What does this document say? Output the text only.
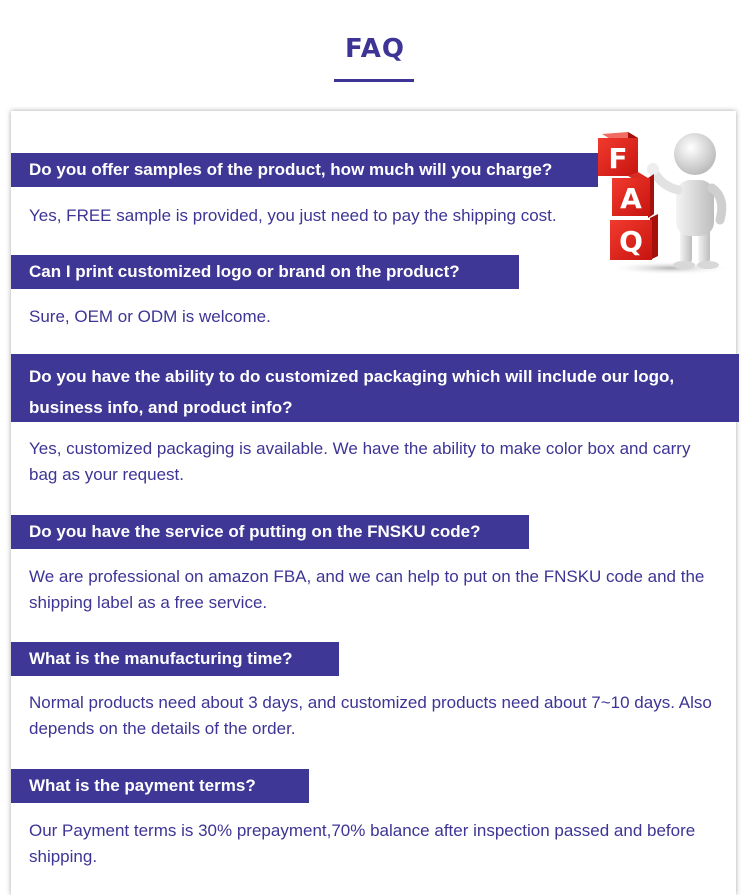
FAQ
Do you offer samples of the product, how much will you charge?
Yes, FREE sample is provided, you just need to pay the shipping cost.
Can I print customized logo or brand on the product?
Sure, OEM or ODM is welcome.
Do you have the ability to do customized packaging which will include our logo, business info, and product info?
Yes, customized packaging is available. We have the ability to make color box and carry bag as your request.
Do you have the service of putting on the FNSKU code?
We are professional on amazon FBA, and we can help to put on the FNSKU code and the shipping label as a free service.
What is the manufacturing time?
Normal products need about 3 days, and customized products need about 7~10 days. Also depends on the details of the order.
What is the payment terms?
Our Payment terms is 30% prepayment,70% balance after inspection passed and before shipping.
F
A
Q
